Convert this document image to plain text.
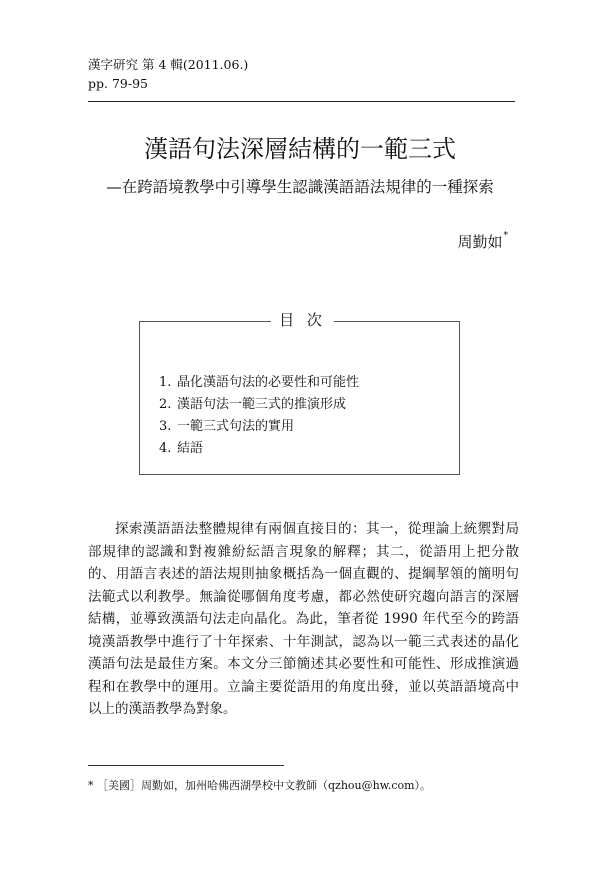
漢字研究 第 4 輯(2011.06.)
pp. 79-95
漢語句法深層結構的一範三式
—在跨語境教學中引導學生認識漢語語法規律的一種探索
周勤如*
目 次
1. 晶化漢語句法的必要性和可能性
2. 漢語句法一範三式的推演形成
3. 一範三式句法的實用
4. 結語
探索漢語語法整體規律有兩個直接目的：其一，從理論上統禦對局部規律的認識和對複雜紛紜語言現象的解釋；其二，從語用上把分散的、用語言表述的語法規則抽象概括為一個直觀的、提綱挈領的簡明句法範式以利教學。無論從哪個角度考慮，都必然使研究趨向語言的深層結構，並導致漢語句法走向晶化。為此，筆者從 1990 年代至今的跨語境漢語教學中進行了十年探索、十年測試，認為以一範三式表述的晶化漢語句法是最佳方案。本文分三節簡述其必要性和可能性、形成推演過程和在教學中的運用。立論主要從語用的角度出發，並以英語語境高中以上的漢語教學為對象。
* ［美國］周勤如，加州哈佛西湖學校中文教師（qzhou@hw.com）。
